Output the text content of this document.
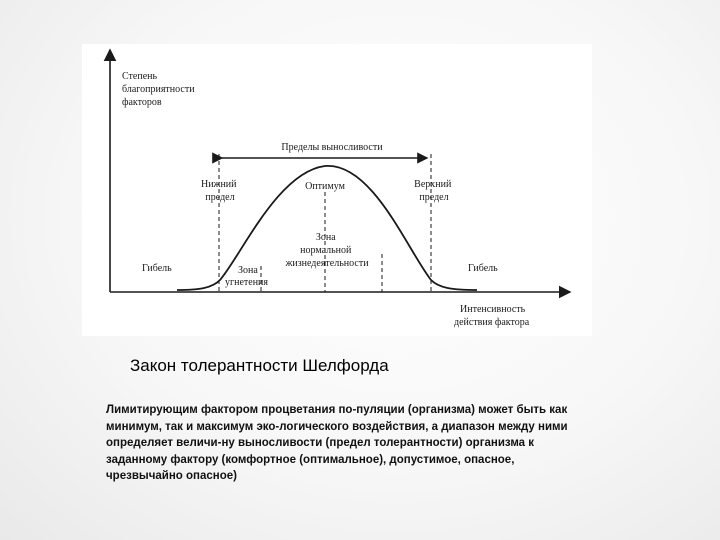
Степень благоприятности факторов
Пределы выносливости
Оптимум
Нижний предел
Верхний предел
Зона нормальной жизнедеятельности
Зона угнетения
Гибель	Гибель
Интенсивность действия фактора
Закон толерантности Шелфорда
Лимитирующим фактором процветания по-пуляции (организма) может быть как минимум, так и максимум эко-логического воздействия, а диапазон между ними определяет величи-ну выносливости (предел толерантности) организма к заданному фактору (комфортное (оптимальное), допустимое, опасное, чрезвычайно опасное)
